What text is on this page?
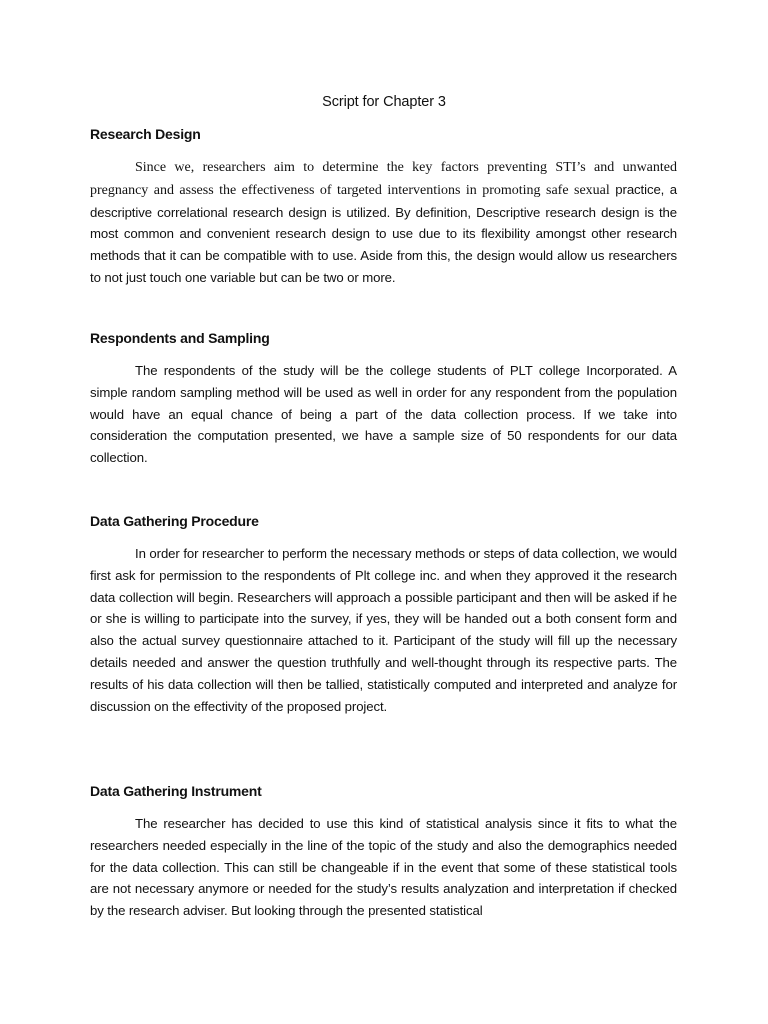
Script for Chapter 3
Research Design

Since we, researchers aim to determine the key factors preventing STI’s and unwanted pregnancy and assess the effectiveness of targeted interventions in promoting safe sexual practice, a descriptive correlational research design is utilized. By definition, Descriptive research design is the most common and convenient research design to use due to its flexibility amongst other research methods that it can be compatible with to use. Aside from this, the design would allow us researchers to not just touch one variable but can be two or more.

Respondents and Sampling

The respondents of the study will be the college students of PLT college Incorporated. A simple random sampling method will be used as well in order for any respondent from the population would have an equal chance of being a part of the data collection process. If we take into consideration the computation presented, we have a sample size of 50 respondents for our data collection.

Data Gathering Procedure

In order for researcher to perform the necessary methods or steps of data collection, we would first ask for permission to the respondents of Plt college inc. and when they approved it the research data collection will begin. Researchers will approach a possible participant and then will be asked if he or she is willing to participate into the survey, if yes, they will be handed out a both consent form and also the actual survey questionnaire attached to it. Participant of the study will fill up the necessary details needed and answer the question truthfully and well-thought through its respective parts. The results of his data collection will then be tallied, statistically computed and interpreted and analyze for discussion on the effectivity of the proposed project.

Data Gathering Instrument

The researcher has decided to use this kind of statistical analysis since it fits to what the researchers needed especially in the line of the topic of the study and also the demographics needed for the data collection. This can still be changeable if in the event that some of these statistical tools are not necessary anymore or needed for the study’s results analyzation and interpretation if checked by the research adviser. But looking through the presented statistical
